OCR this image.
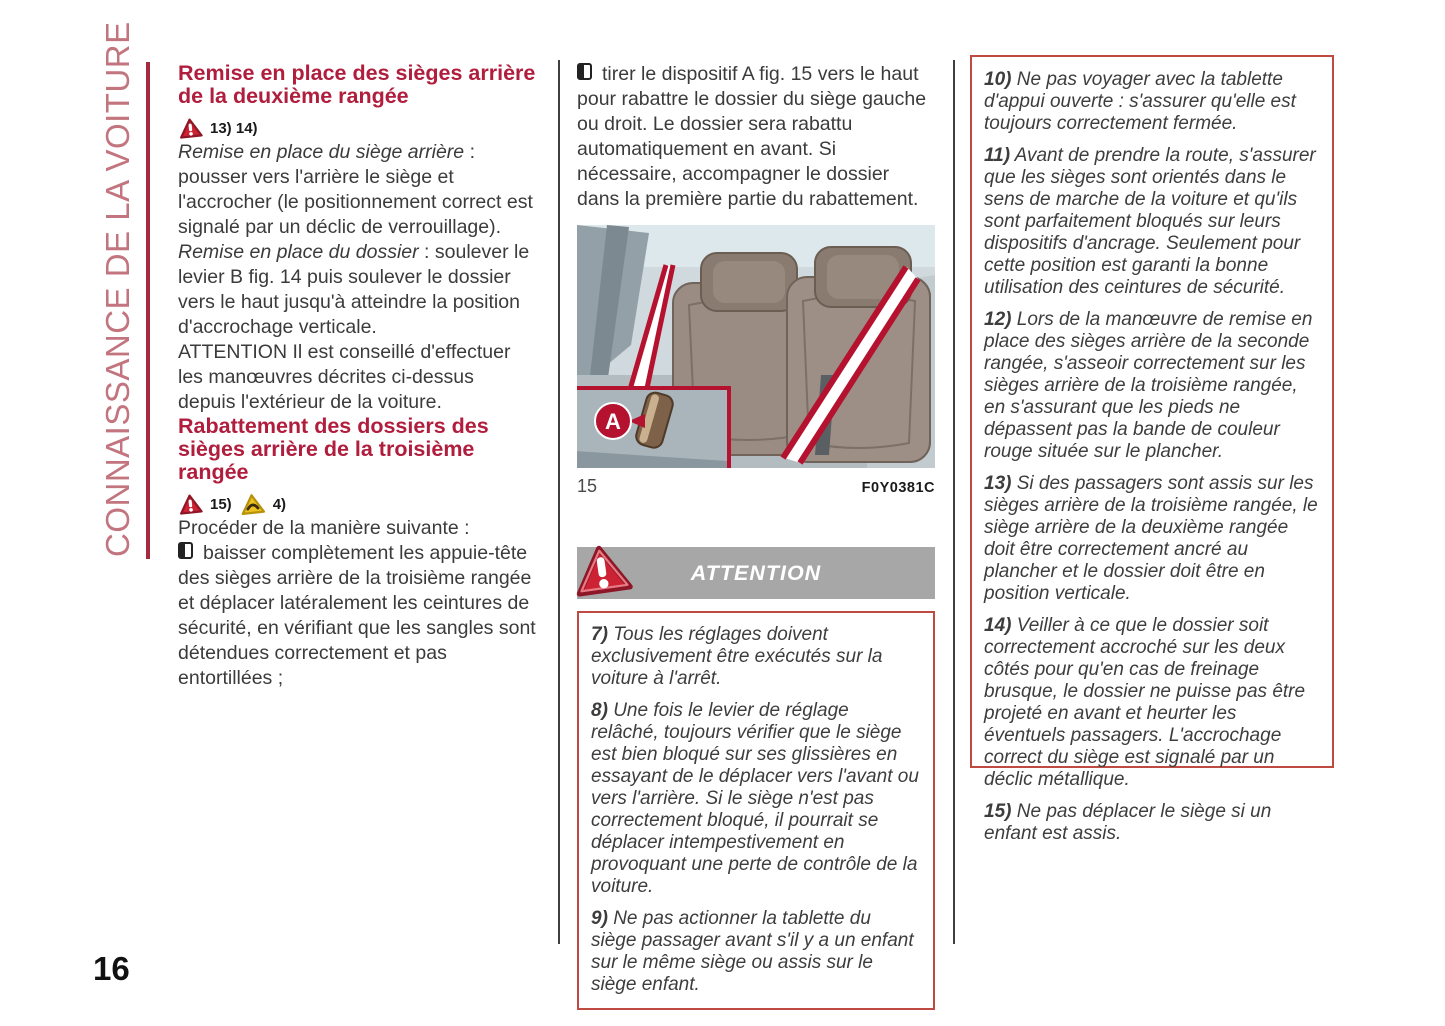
CONNAISSANCE DE LA VOITURE Remise en place des sièges arrière de la deuxième rangée
13) 14)

Remise en place du siège arrière : pousser vers l'arrière le siège et l'accrocher (le positionnement correct est signalé par un déclic de verrouillage).

Remise en place du dossier : soulever le levier B fig. 14 puis soulever le dossier vers le haut jusqu'à atteindre la position d'accrochage verticale.

ATTENTION Il est conseillé d'effectuer les manœuvres décrites ci-dessus depuis l'extérieur de la voiture.

Rabattement des dossiers des sièges arrière de la troisième rangée
15)	4)

Procéder de la manière suivante :

baisser complètement les appuie-tête des sièges arrière de la troisième rangée et déplacer latéralement les ceintures de sécurité, en vérifiant que les sangles sont détendues correctement et pas entortillées ;

tirer le dispositif A fig. 15 vers le haut pour rabattre le dossier du siège gauche ou droit. Le dossier sera rabattu automatiquement en avant. Si nécessaire, accompagner le dossier dans la première partie du rabattement.

A
15	F0Y0381C
ATTENTION

7) Tous les réglages doivent exclusivement être exécutés sur la voiture à l'arrêt.

8) Une fois le levier de réglage relâché, toujours vérifier que le siège est bien bloqué sur ses glissières en essayant de le déplacer vers l'avant ou vers l'arrière. Si le siège n'est pas correctement bloqué, il pourrait se déplacer intempestivement en provoquant une perte de contrôle de la voiture.

9) Ne pas actionner la tablette du siège passager avant s'il y a un enfant sur le même siège ou assis sur le siège enfant.

10) Ne pas voyager avec la tablette d'appui ouverte : s'assurer qu'elle est toujours correctement fermée.

11) Avant de prendre la route, s'assurer que les sièges sont orientés dans le sens de marche de la voiture et qu'ils sont parfaitement bloqués sur leurs dispositifs d'ancrage. Seulement pour cette position est garanti la bonne utilisation des ceintures de sécurité.

12) Lors de la manœuvre de remise en place des sièges arrière de la seconde rangée, s'asseoir correctement sur les sièges arrière de la troisième rangée, en s'assurant que les pieds ne dépassent pas la bande de couleur rouge située sur le plancher.

13) Si des passagers sont assis sur les sièges arrière de la troisième rangée, le siège arrière de la deuxième rangée doit être correctement ancré au plancher et le dossier doit être en position verticale.

14) Veiller à ce que le dossier soit correctement accroché sur les deux côtés pour qu'en cas de freinage brusque, le dossier ne puisse pas être projeté en avant et heurter les éventuels passagers. L'accrochage correct du siège est signalé par un déclic métallique.

15) Ne pas déplacer le siège si un enfant est assis.

16
